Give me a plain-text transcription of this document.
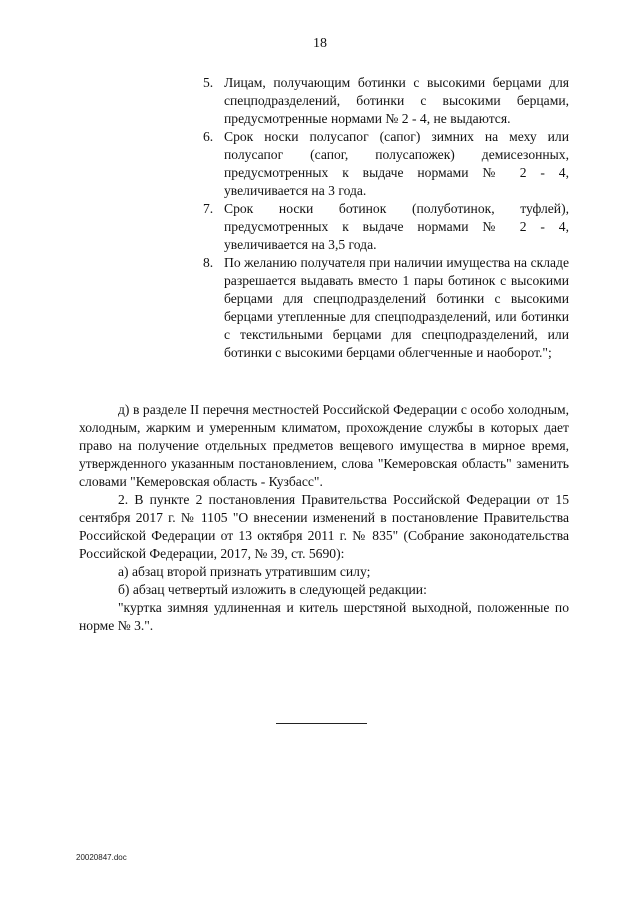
18
5. Лицам, получающим ботинки с высокими берцами для спецподразделений, ботинки с высокими берцами, предусмотренные нормами № 2 - 4, не выдаются.
6. Срок носки полусапог (сапог) зимних на меху или полусапог (сапог, полусапожек) демисезонных, предусмотренных к выдаче нормами № 2 - 4, увеличивается на 3 года.
7. Срок носки ботинок (полуботинок, туфлей), предусмотренных к выдаче нормами № 2 - 4, увеличивается на 3,5 года.
8. По желанию получателя при наличии имущества на складе разрешается выдавать вместо 1 пары ботинок с высокими берцами для спецподразделений ботинки с высокими берцами утепленные для спецподразделений, или ботинки с текстильными берцами для спецподразделений, или ботинки с высокими берцами облегченные и наоборот.";

д) в разделе II перечня местностей Российской Федерации с особо холодным, холодным, жарким и умеренным климатом, прохождение службы в которых дает право на получение отдельных предметов вещевого имущества в мирное время, утвержденного указанным постановлением, слова "Кемеровская область" заменить словами "Кемеровская область - Кузбасс".

2. В пункте 2 постановления Правительства Российской Федерации от 15 сентября 2017 г. № 1105 "О внесении изменений в постановление Правительства Российской Федерации от 13 октября 2011 г. № 835" (Собрание законодательства Российской Федерации, 2017, № 39, ст. 5690):

а) абзац второй признать утратившим силу;

б) абзац четвертый изложить в следующей редакции:

"куртка зимняя удлиненная и китель шерстяной выходной, положенные по норме № 3.".

20020847.doc
